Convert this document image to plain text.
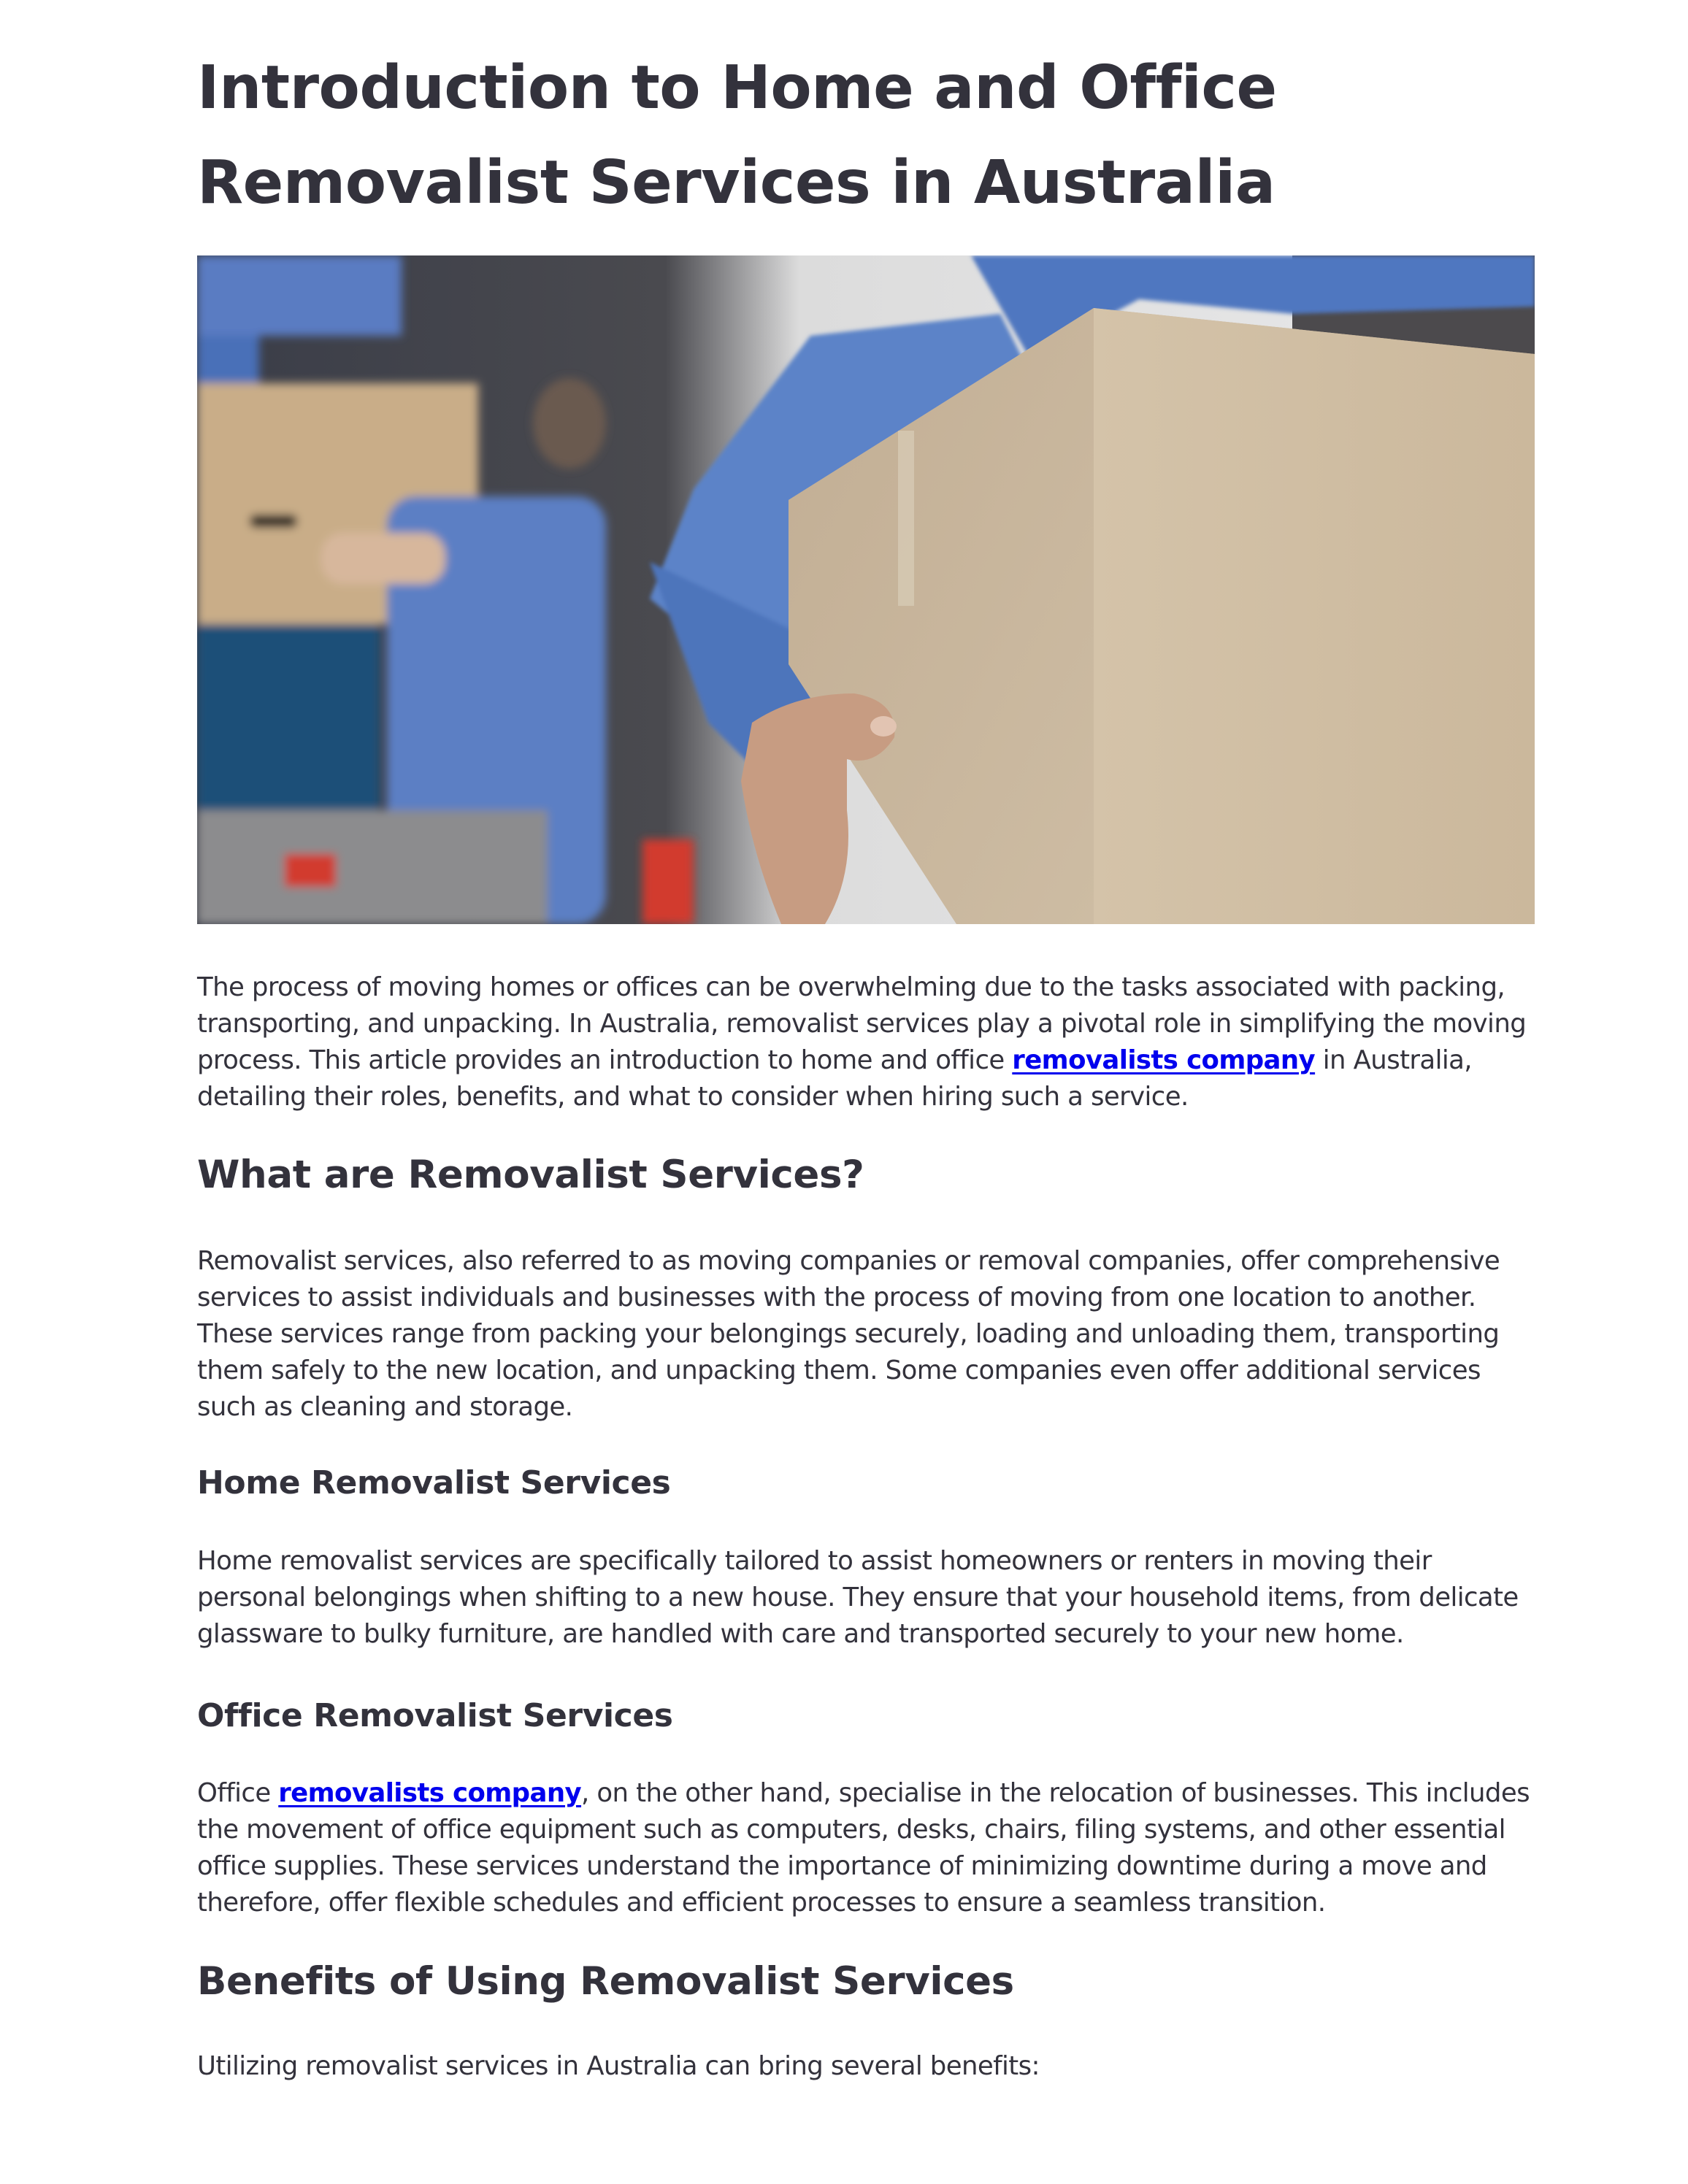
Introduction to Home and Office Removalist Services in Australia

The process of moving homes or offices can be overwhelming due to the tasks associated with packing, transporting, and unpacking. In Australia, removalist services play a pivotal role in simplifying the moving process. This article provides an introduction to home and office removalists company in Australia, detailing their roles, benefits, and what to consider when hiring such a service.

What are Removalist Services?

Removalist services, also referred to as moving companies or removal companies, offer comprehensive services to assist individuals and businesses with the process of moving from one location to another. These services range from packing your belongings securely, loading and unloading them, transporting them safely to the new location, and unpacking them. Some companies even offer additional services such as cleaning and storage.

Home Removalist Services

Home removalist services are specifically tailored to assist homeowners or renters in moving their personal belongings when shifting to a new house. They ensure that your household items, from delicate glassware to bulky furniture, are handled with care and transported securely to your new home.

Office Removalist Services

Office removalists company, on the other hand, specialise in the relocation of businesses. This includes the movement of office equipment such as computers, desks, chairs, filing systems, and other essential office supplies. These services understand the importance of minimizing downtime during a move and therefore, offer flexible schedules and efficient processes to ensure a seamless transition.

Benefits of Using Removalist Services

Utilizing removalist services in Australia can bring several benefits:
